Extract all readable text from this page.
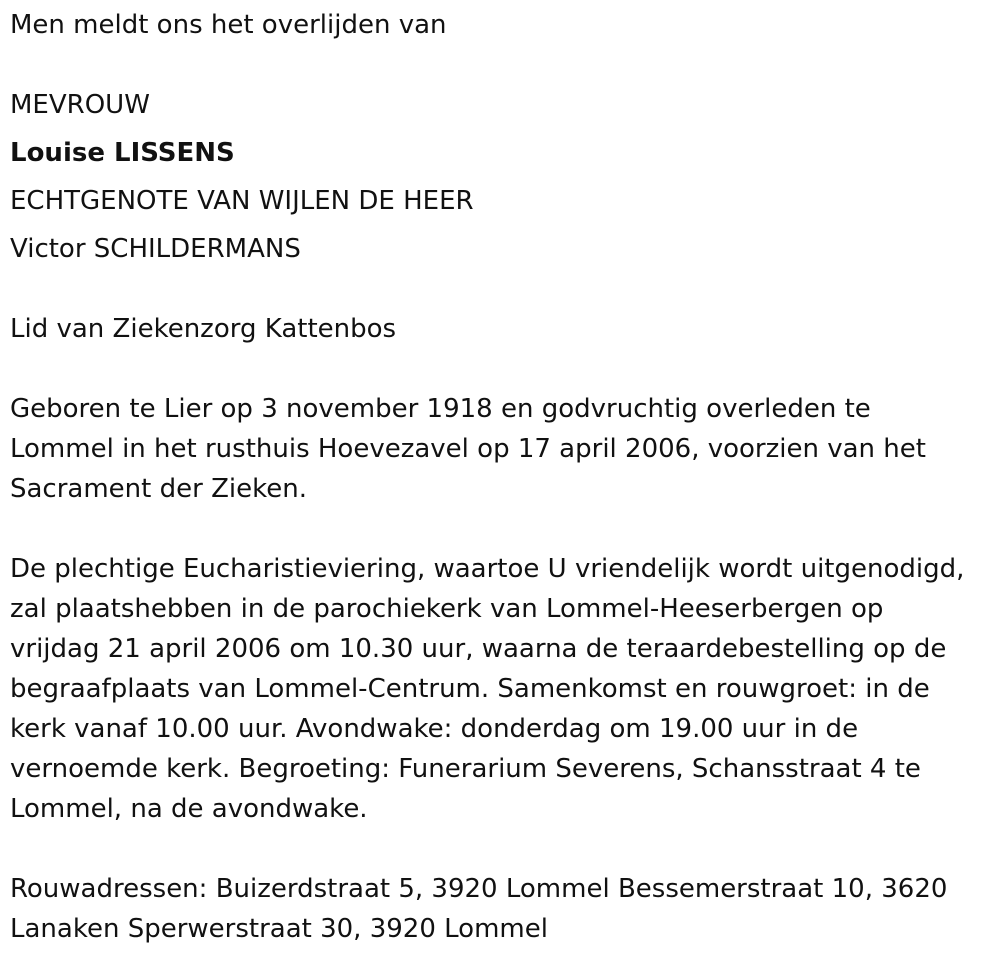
Men meldt ons het overlijden van
MEVROUW
Louise LISSENS
ECHTGENOTE VAN WIJLEN DE HEER
Victor SCHILDERMANS
Lid van Ziekenzorg Kattenbos
Geboren te Lier op 3 november 1918 en godvruchtig overleden te
Lommel in het rusthuis Hoevezavel op 17 april 2006, voorzien van het
Sacrament der Zieken.
De plechtige Eucharistieviering, waartoe U vriendelijk wordt uitgenodigd,
zal plaatshebben in de parochiekerk van Lommel-Heeserbergen op
vrijdag 21 april 2006 om 10.30 uur, waarna de teraardebestelling op de
begraafplaats van Lommel-Centrum. Samenkomst en rouwgroet: in de
kerk vanaf 10.00 uur. Avondwake: donderdag om 19.00 uur in de
vernoemde kerk. Begroeting: Funerarium Severens, Schansstraat 4 te
Lommel, na de avondwake.
Rouwadressen: Buizerdstraat 5, 3920 Lommel Bessemerstraat 10, 3620
Lanaken Sperwerstraat 30, 3920 Lommel
